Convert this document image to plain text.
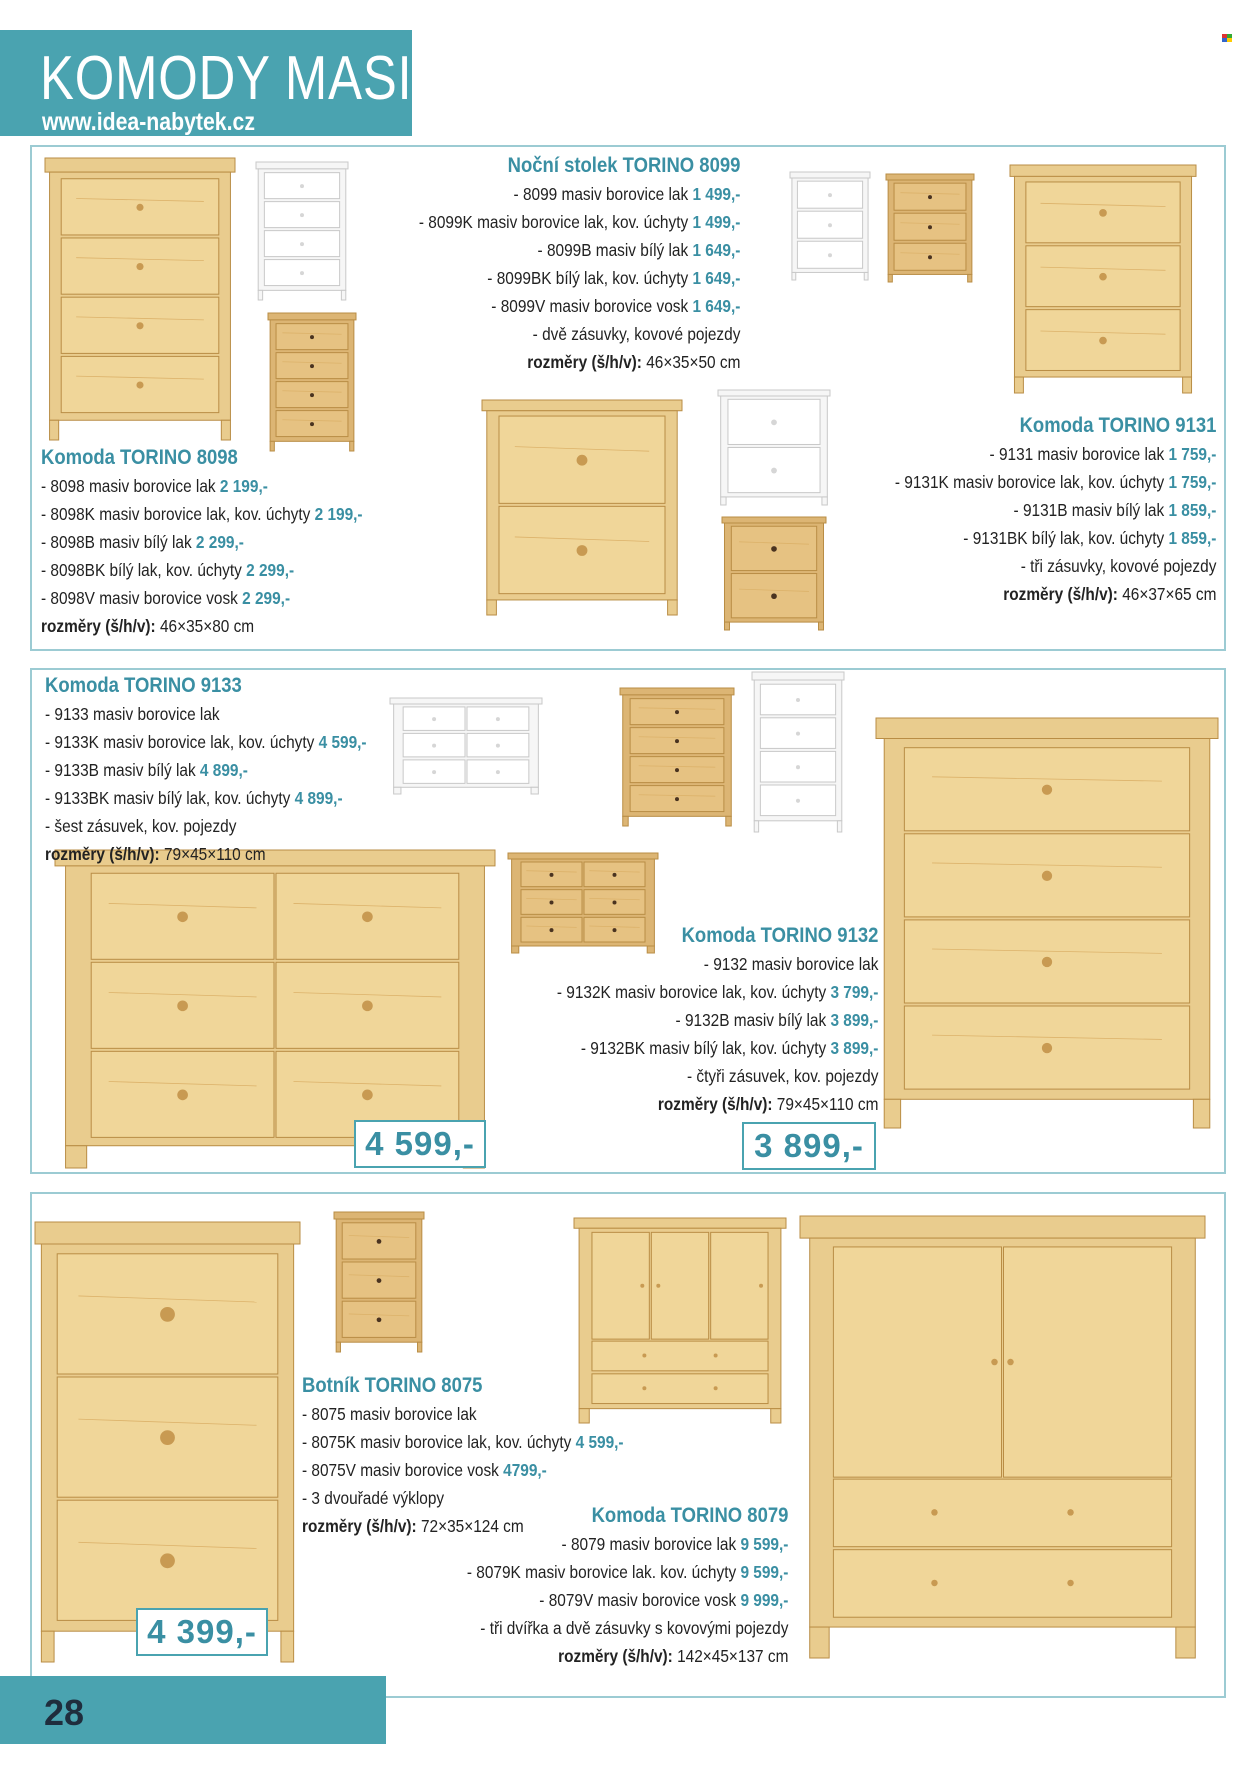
KOMODY MASIV
www.idea-nabytek.cz
Noční stolek TORINO 8099
- 8099 masiv borovice lak 1 499,-
- 8099K masiv borovice lak, kov. úchyty 1 499,-
- 8099B masiv bílý lak 1 649,-
- 8099BK bílý lak, kov. úchyty 1 649,-
- 8099V masiv borovice vosk 1 649,-
- dvě zásuvky, kovové pojezdy
rozměry (š/h/v): 46×35×50 cm
Komoda TORINO 8098
- 8098 masiv borovice lak 2 199,-
- 8098K masiv borovice lak, kov. úchyty 2 199,-
- 8098B masiv bílý lak 2 299,-
- 8098BK bílý lak, kov. úchyty 2 299,-
- 8098V masiv borovice vosk 2 299,-
rozměry (š/h/v): 46×35×80 cm
Komoda TORINO 9131
- 9131 masiv borovice lak 1 759,-
- 9131K masiv borovice lak, kov. úchyty 1 759,-
- 9131B masiv bílý lak 1 859,-
- 9131BK bílý lak, kov. úchyty 1 859,-
- tři zásuvky, kovové pojezdy
rozměry (š/h/v): 46×37×65 cm
Komoda TORINO 9133
- 9133 masiv borovice lak
- 9133K masiv borovice lak, kov. úchyty 4 599,-
- 9133B masiv bílý lak 4 899,-
- 9133BK masiv bílý lak, kov. úchyty 4 899,-
- šest zásuvek, kov. pojezdy
rozměry (š/h/v): 79×45×110 cm
Komoda TORINO 9132
- 9132 masiv borovice lak
- 9132K masiv borovice lak, kov. úchyty 3 799,-
- 9132B masiv bílý lak 3 899,-
- 9132BK masiv bílý lak, kov. úchyty 3 899,-
- čtyři zásuvek, kov. pojezdy
rozměry (š/h/v): 79×45×110 cm
Botník TORINO 8075
- 8075 masiv borovice lak
- 8075K masiv borovice lak, kov. úchyty 4 599,-
- 8075V masiv borovice vosk 4799,-
- 3 dvouřadé výklopy
rozměry (š/h/v): 72×35×124 cm	Komoda TORINO 8079
- 8079 masiv borovice lak 9 599,-
- 8079K masiv borovice lak. kov. úchyty 9 599,-
- 8079V masiv borovice vosk 9 999,-
- tři dvířka a dvě zásuvky s kovovými pojezdy
rozměry (š/h/v): 142×45×137 cm
4 599,-	3 899,-
4 399,-
28
